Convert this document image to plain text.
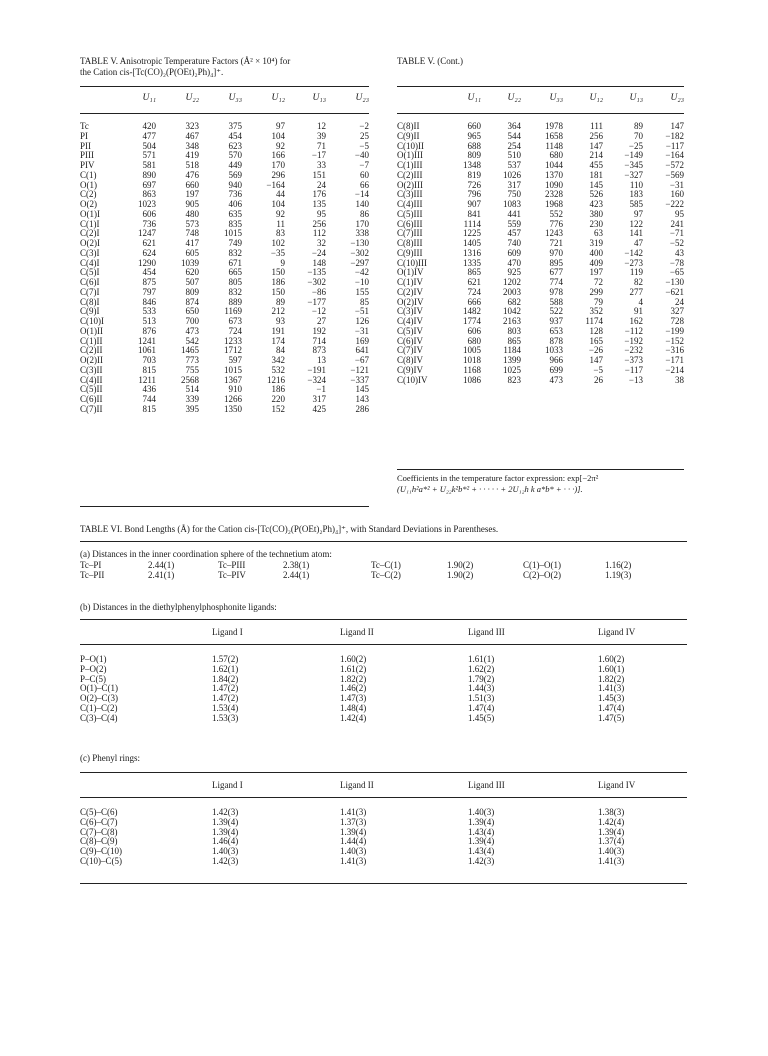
TABLE V. Anisotropic Temperature Factors (Å² × 10⁴) for
the Cation cis-[Tc(CO)₂(P(OEt)₂Ph)₄]⁺.
TABLE V. (Cont.)
	U₁₁	U₂₂	U₃₃	U₁₂	U₁₃	U₂₃
Tc	420	323	375	97	12	−2
PI	477	467	454	104	39	25
PII	504	348	623	92	71	−5
PIII	571	419	570	166	−17	−40
PIV	581	518	449	170	33	−7
C(1)	890	476	569	296	151	60
O(1)	697	660	940	−164	24	66
C(2)	863	197	736	44	176	−14
O(2)	1023	905	406	104	135	140
O(1)I	606	480	635	92	95	86
C(1)I	736	573	835	11	256	170
C(2)I	1247	748	1015	83	112	338
O(2)I	621	417	749	102	32	−130
C(3)I	624	605	832	−35	−24	−302
C(4)I	1290	1039	671	9	148	−297
C(5)I	454	620	665	150	−135	−42
C(6)I	875	507	805	186	−302	−10
C(7)I	797	809	832	150	−86	155
C(8)I	846	874	889	89	−177	85
C(9)I	533	650	1169	212	−12	−51
C(10)I	513	700	673	93	27	126
O(1)II	876	473	724	191	192	−31
C(1)II	1241	542	1233	174	714	169
C(2)II	1061	1465	1712	84	873	641
O(2)II	703	773	597	342	13	−67
C(3)II	815	755	1015	532	−191	−121
C(4)II	1211	2568	1367	1216	−324	−337
C(5)II	436	514	910	186	−1	145
C(6)II	744	339	1266	220	317	143
C(7)II	815	395	1350	152	425	286
	U₁₁	U₂₂	U₃₃	U₁₂	U₁₃	U₂₃
C(8)II	660	364	1978	111	89	147
C(9)II	965	544	1658	256	70	−182
C(10)II	688	254	1148	147	−25	−117
O(1)III	809	510	680	214	−149	−164
C(1)III	1348	537	1044	455	−345	−572
C(2)III	819	1026	1370	181	−327	−569
O(2)III	726	317	1090	145	110	−31
C(3)III	796	750	2328	526	183	160
C(4)III	907	1083	1968	423	585	−222
C(5)III	841	441	552	380	97	95
C(6)III	1114	559	776	230	122	241
C(7)III	1225	457	1243	63	141	−71
C(8)III	1405	740	721	319	47	−52
C(9)III	1316	609	970	400	−142	43
C(10)III	1335	470	895	409	−273	−78
O(1)IV	865	925	677	197	119	−65
C(1)IV	621	1202	774	72	82	−130
C(2)IV	724	2003	978	299	277	−621
O(2)IV	666	682	588	79	4	24
C(3)IV	1482	1042	522	352	91	327
C(4)IV	1774	2163	937	1174	162	728
C(5)IV	606	803	653	128	−112	−199
C(6)IV	680	865	878	165	−192	−152
C(7)IV	1005	1184	1033	−26	−232	−316
C(8)IV	1018	1399	966	147	−373	−171
C(9)IV	1168	1025	699	−5	−117	−214
C(10)IV	1086	823	473	26	−13	38
Coefficients in the temperature factor expression: exp[−2π²
(U₁₁h²a*² + U₂₂k²b*² + · · · · · + 2U₁₂h k a*b* + · · ·)].
TABLE VI. Bond Lengths (Å) for the Cation cis-[Tc(CO)₂(P(OEt)₂Ph)₄]⁺, with Standard Deviations in Parentheses.
(a) Distances in the inner coordination sphere of the technetium atom:
Tc–PI	2.44(1)	Tc–PIII	2.38(1)	Tc–C(1)	1.90(2)	C(1)–O(1)	1.16(2)
Tc–PII	2.41(1)	Tc–PIV	2.44(1)	Tc–C(2)	1.90(2)	C(2)–O(2)	1.19(3)
(b) Distances in the diethylphenylphosphonite ligands:
	Ligand I	Ligand II	Ligand III	Ligand IV
P–O(1)	1.57(2)	1.60(2)	1.61(1)	1.60(2)
P–O(2)	1.62(1)	1.61(2)	1.62(2)	1.60(1)
P–C(5)	1.84(2)	1.82(2)	1.79(2)	1.82(2)
O(1)–C(1)	1.47(2)	1.46(2)	1.44(3)	1.41(3)
O(2)–C(3)	1.47(2)	1.47(3)	1.51(3)	1.45(3)
C(1)–C(2)	1.53(4)	1.48(4)	1.47(4)	1.47(4)
C(3)–C(4)	1.53(3)	1.42(4)	1.45(5)	1.47(5)
(c) Phenyl rings:
	Ligand I	Ligand II	Ligand III	Ligand IV
C(5)–C(6)	1.42(3)	1.41(3)	1.40(3)	1.38(3)
C(6)–C(7)	1.39(4)	1.37(3)	1.39(4)	1.42(4)
C(7)–C(8)	1.39(4)	1.39(4)	1.43(4)	1.39(4)
C(8)–C(9)	1.46(4)	1.44(4)	1.39(4)	1.37(4)
C(9)–C(10)	1.40(3)	1.40(3)	1.43(4)	1.40(3)
C(10)–C(5)	1.42(3)	1.41(3)	1.42(3)	1.41(3)
